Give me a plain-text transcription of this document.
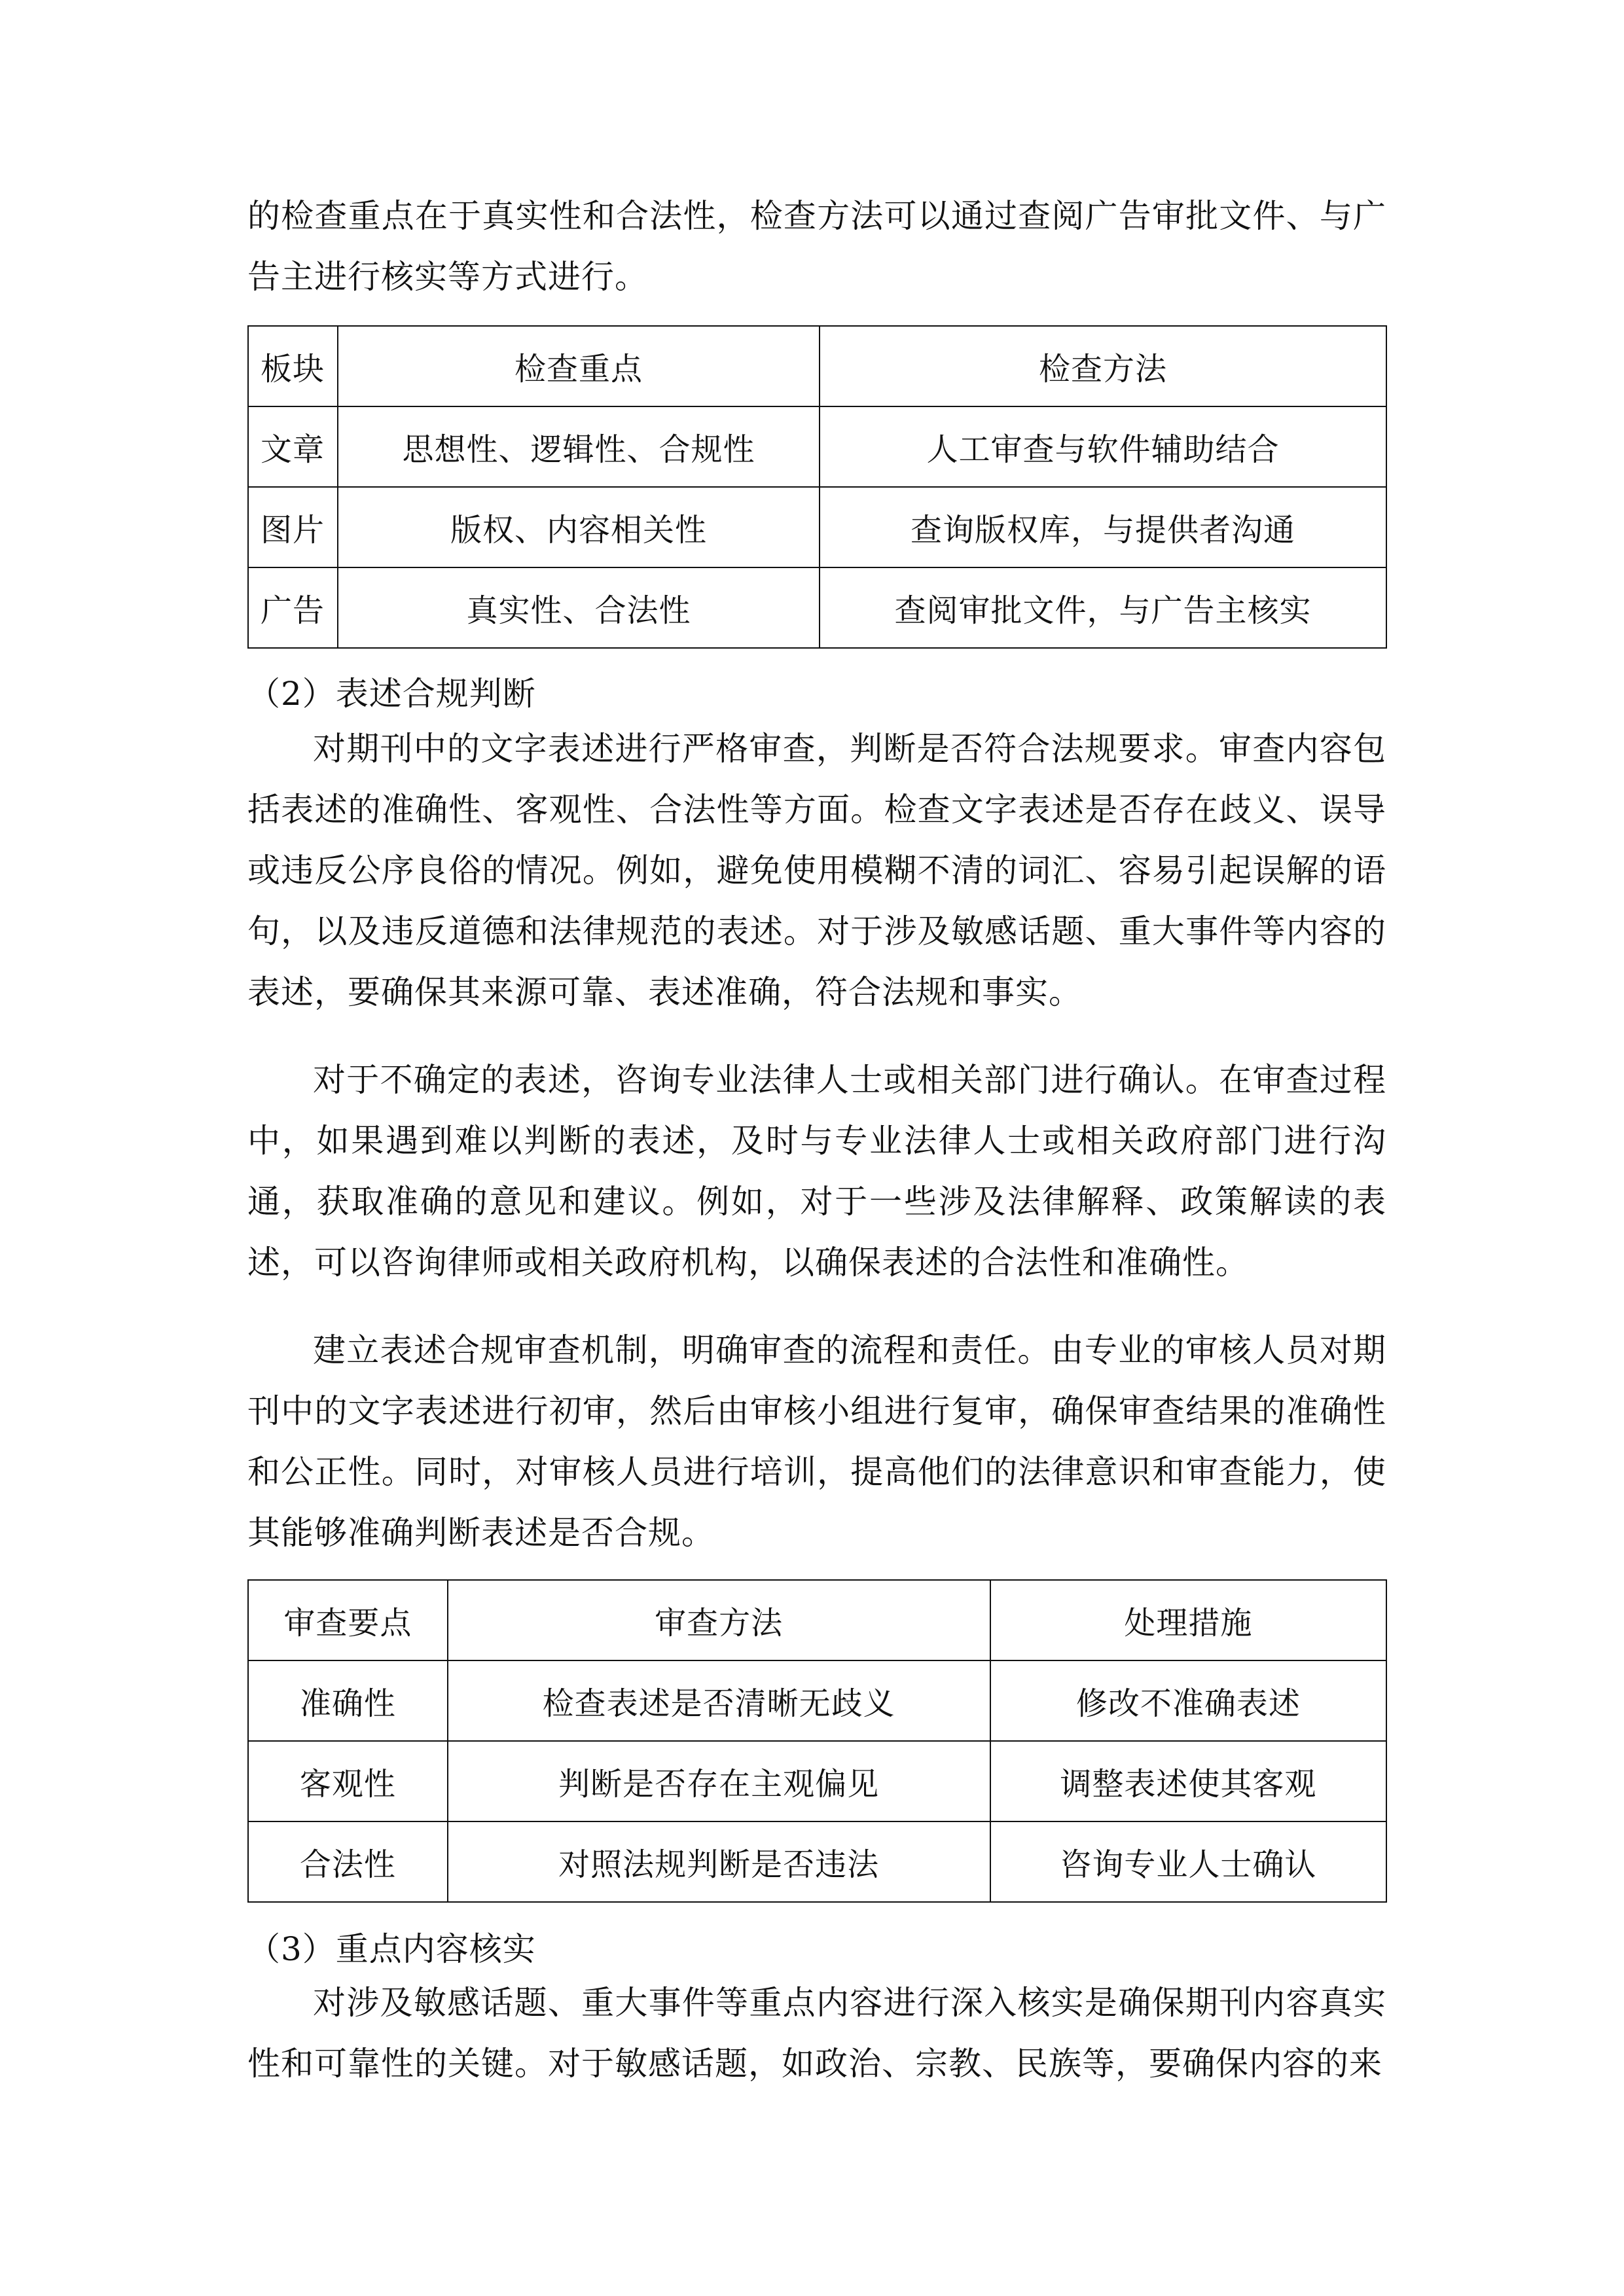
的检查重点在于真实性和合法性，检查方法可以通过查阅广告审批文件、与广告主进行核实等方式进行。

板块	检查重点	检查方法
文章	思想性、逻辑性、合规性	人工审查与软件辅助结合
图片	版权、内容相关性	查询版权库，与提供者沟通
广告	真实性、合法性	查阅审批文件，与广告主核实

（2）表述合规判断

对期刊中的文字表述进行严格审查，判断是否符合法规要求。审查内容包括表述的准确性、客观性、合法性等方面。检查文字表述是否存在歧义、误导或违反公序良俗的情况。例如，避免使用模糊不清的词汇、容易引起误解的语句，以及违反道德和法律规范的表述。对于涉及敏感话题、重大事件等内容的表述，要确保其来源可靠、表述准确，符合法规和事实。

对于不确定的表述，咨询专业法律人士或相关部门进行确认。在审查过程中，如果遇到难以判断的表述，及时与专业法律人士或相关政府部门进行沟通，获取准确的意见和建议。例如，对于一些涉及法律解释、政策解读的表述，可以咨询律师或相关政府机构，以确保表述的合法性和准确性。

建立表述合规审查机制，明确审查的流程和责任。由专业的审核人员对期刊中的文字表述进行初审，然后由审核小组进行复审，确保审查结果的准确性和公正性。同时，对审核人员进行培训，提高他们的法律意识和审查能力，使其能够准确判断表述是否合规。

审查要点	审查方法	处理措施
准确性	检查表述是否清晰无歧义	修改不准确表述
客观性	判断是否存在主观偏见	调整表述使其客观
合法性	对照法规判断是否违法	咨询专业人士确认

（3）重点内容核实

对涉及敏感话题、重大事件等重点内容进行深入核实是确保期刊内容真实性和可靠性的关键。对于敏感话题，如政治、宗教、民族等，要确保内容的来
